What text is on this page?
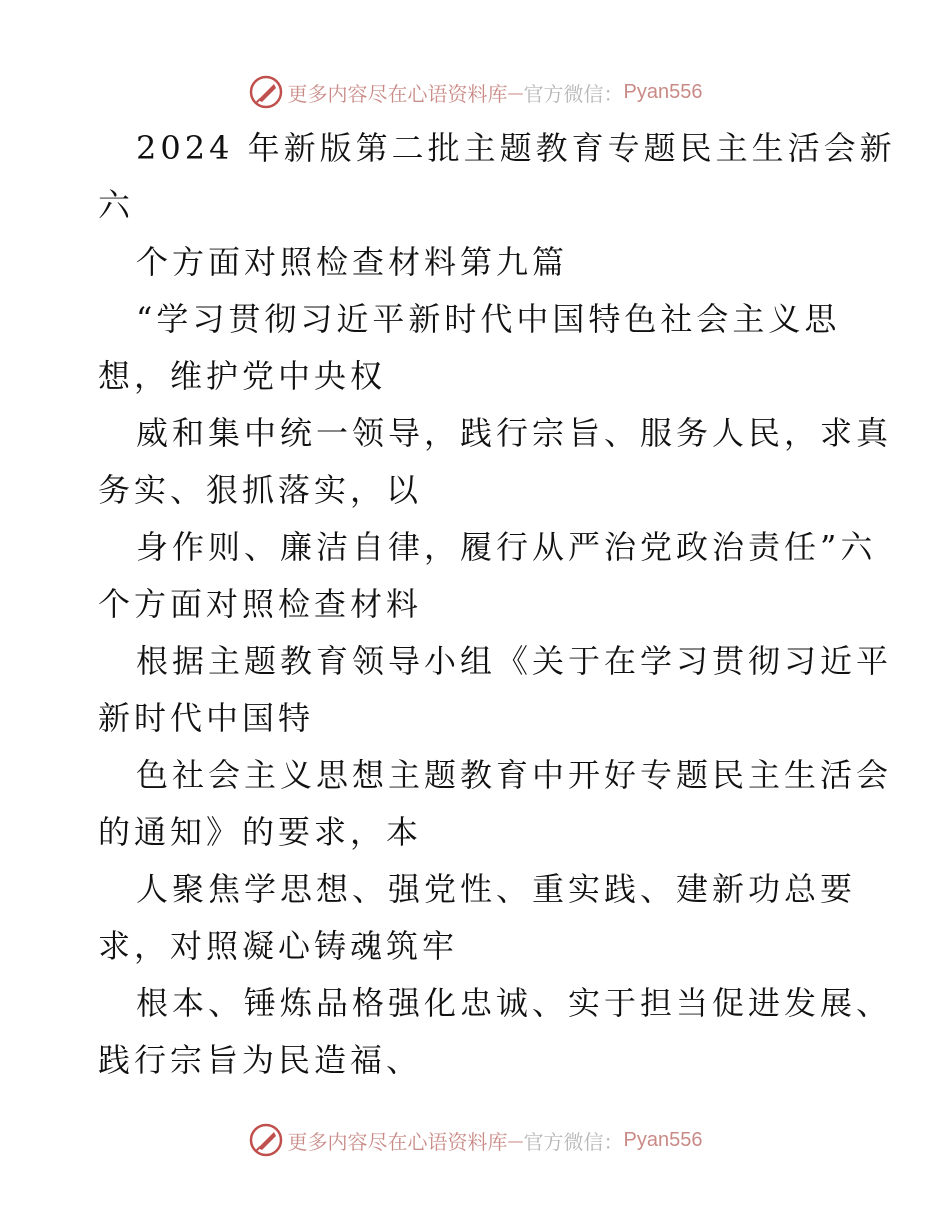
更多内容尽在心语资料库 — 官方微信： Pyan556
2024 年新版第二批主题教育专题民主生活会新
六
个方面对照检查材料第九篇
“学习贯彻习近平新时代中国特色社会主义思
想，维护党中央权
威和集中统一领导，践行宗旨、服务人民，求真
务实、狠抓落实，以
身作则、廉洁自律，履行从严治党政治责任”六
个方面对照检查材料
根据主题教育领导小组《关于在学习贯彻习近平
新时代中国特
色社会主义思想主题教育中开好专题民主生活会
的通知》的要求，本
人聚焦学思想、强党性、重实践、建新功总要
求，对照凝心铸魂筑牢
根本、锤炼品格强化忠诚、实于担当促进发展、
践行宗旨为民造福、
更多内容尽在心语资料库 — 官方微信： Pyan556
